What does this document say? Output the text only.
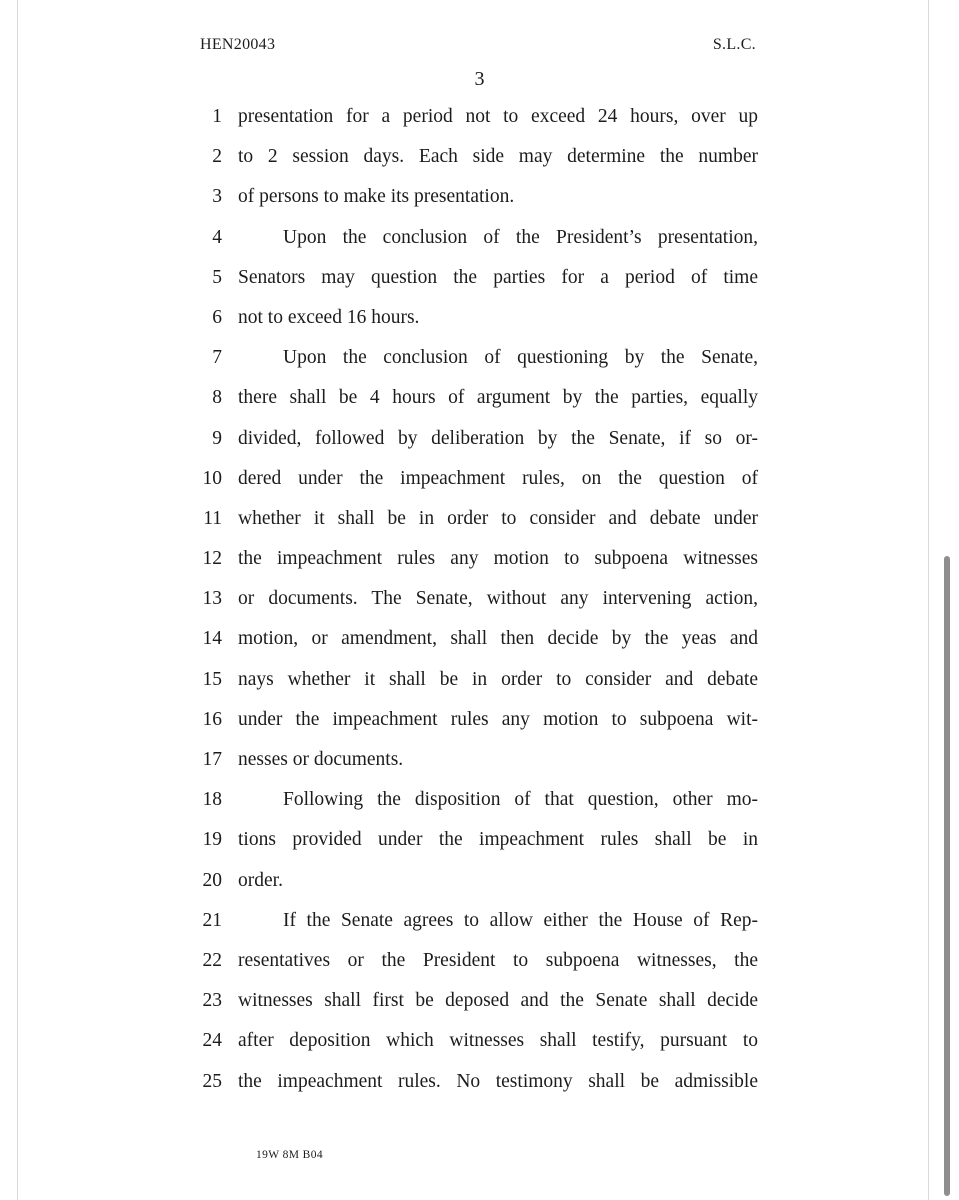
HEN20043	S.L.C.
3
1 presentation for a period not to exceed 24 hours, over up
2 to 2 session days. Each side may determine the number
3 of persons to make its presentation.
4	Upon the conclusion of the President’s presentation,
5 Senators may question the parties for a period of time
6 not to exceed 16 hours.
7	Upon the conclusion of questioning by the Senate,
8 there shall be 4 hours of argument by the parties, equally
9 divided, followed by deliberation by the Senate, if so or-
10 dered under the impeachment rules, on the question of
11 whether it shall be in order to consider and debate under
12 the impeachment rules any motion to subpoena witnesses
13 or documents. The Senate, without any intervening action,
14 motion, or amendment, shall then decide by the yeas and
15 nays whether it shall be in order to consider and debate
16 under the impeachment rules any motion to subpoena wit-
17 nesses or documents.
18	Following the disposition of that question, other mo-
19 tions provided under the impeachment rules shall be in
20 order.
21	If the Senate agrees to allow either the House of Rep-
22 resentatives or the President to subpoena witnesses, the
23 witnesses shall first be deposed and the Senate shall decide
24 after deposition which witnesses shall testify, pursuant to
25 the impeachment rules. No testimony shall be admissible
19W 8M B04
